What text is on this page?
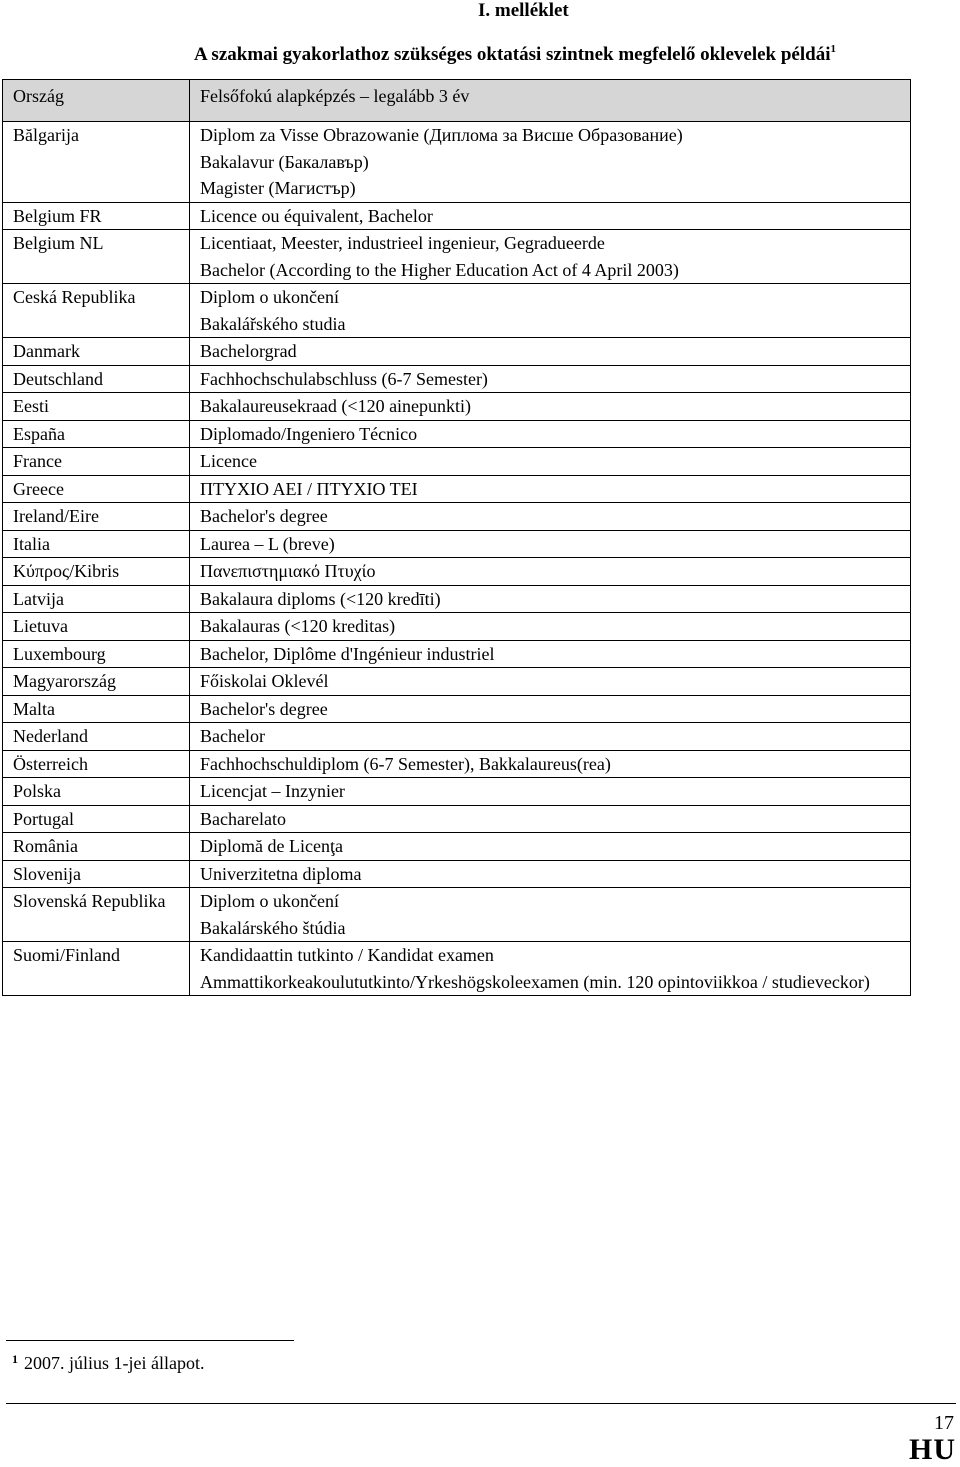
I. melléklet
A szakmai gyakorlathoz szükséges oktatási szintnek megfelelő oklevelek példái$^1$
Ország	Felsőfokú alapképzés – legalább 3 év
Bălgarija	Diplom za Visse Obrazowanie (Диплома за Висше Образование)
Bakalavur (Бакалавър)
Magister (Магистър)

Belgium FR	Licence ou équivalent, Bachelor

Belgium NL	Licentiaat, Meester, industrieel ingenieur, Gegradueerde
Bachelor (According to the Higher Education Act of 4 April 2003)

Ceská Republika	Diplom o ukončení
Bakalářského studia

Danmark	Bachelorgrad

Deutschland	Fachhochschulabschluss (6-7 Semester)

Eesti	Bakalaureusekraad (<120 ainepunkti)

España	Diplomado/Ingeniero Técnico

France	Licence

Greece	ΠΤΥΧΙΟ ΑΕΙ / ΠΤΥΧΙΟ ΤΕΙ

Ireland/Eire	Bachelor's degree

Italia	Laurea – L (breve)

Κύπρος/Kibris	Πανεπιστημιακό Πτυχίο

Latvija	Bakalaura diploms (<120 kredīti)

Lietuva	Bakalauras (<120 kreditas)

Luxembourg	Bachelor, Diplôme d'Ingénieur industriel

Magyarország	Főiskolai Oklevél

Malta	Bachelor's degree

Nederland	Bachelor

Österreich	Fachhochschuldiplom (6-7 Semester), Bakkalaureus(rea)

Polska	Licencjat – Inzynier

Portugal	Bacharelato

România	Diplomă de Licenţa

Slovenija	Univerzitetna diploma

Slovenská Republika	Diplom o ukončení
Bakalárského štúdia

Suomi/Finland	Kandidaattin tutkinto / Kandidat examen
Ammattikorkeakoulututkinto/Yrkeshögskoleexamen (min. 120 opintoviikkoa / studieveckor)
$^1$ 2007. július 1-jei állapot.
17
HU
